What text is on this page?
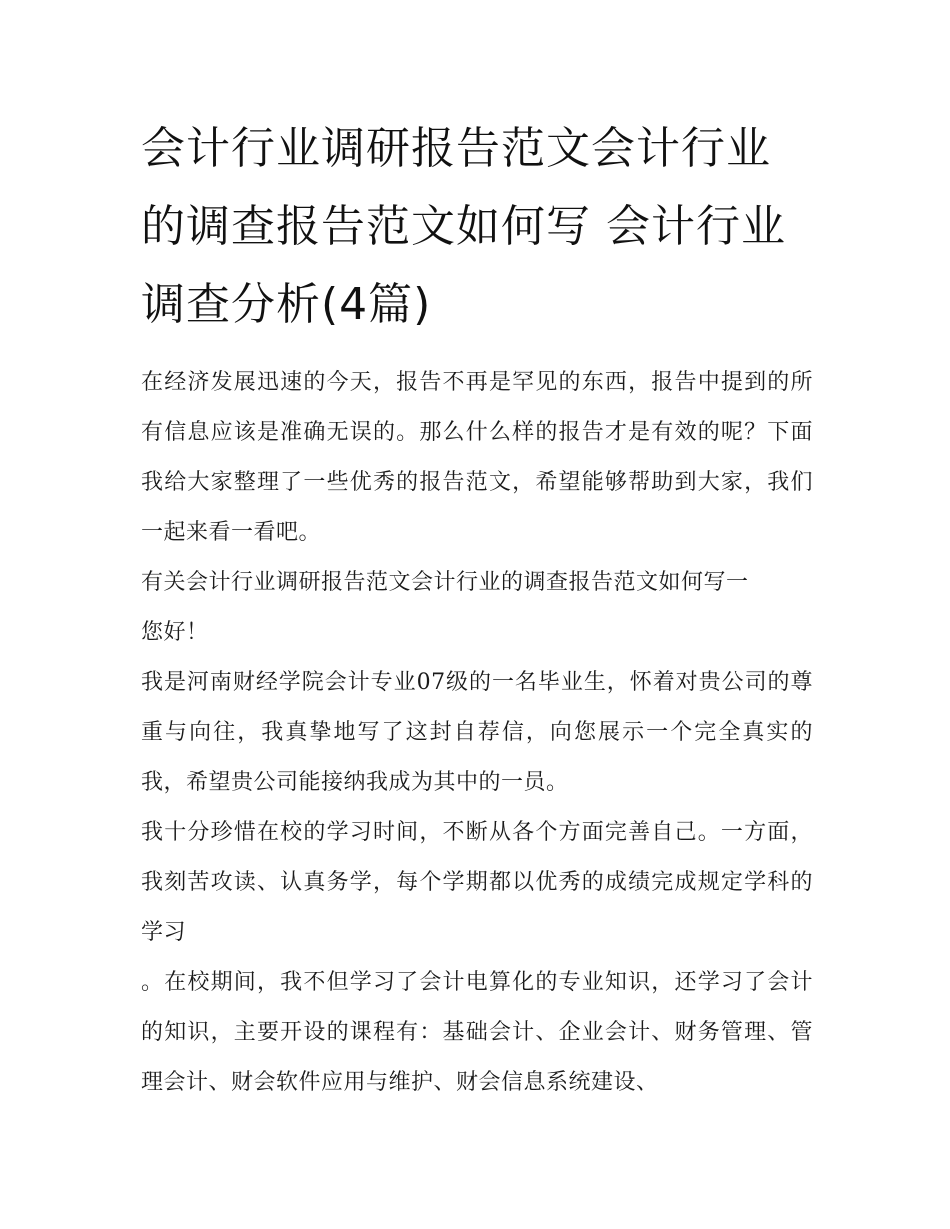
会计行业调研报告范文会计行业的调查报告范文如何写 会计行业调查分析(4篇)

在经济发展迅速的今天，报告不再是罕见的东西，报告中提到的所有信息应该是准确无误的。那么什么样的报告才是有效的呢？下面我给大家整理了一些优秀的报告范文，希望能够帮助到大家，我们一起来看一看吧。

有关会计行业调研报告范文会计行业的调查报告范文如何写一

您好！

我是河南财经学院会计专业07级的一名毕业生，怀着对贵公司的尊重与向往，我真挚地写了这封自荐信，向您展示一个完全真实的我，希望贵公司能接纳我成为其中的一员。

我十分珍惜在校的学习时间，不断从各个方面完善自己。一方面，我刻苦攻读、认真务学，每个学期都以优秀的成绩完成规定学科的学习

。在校期间，我不但学习了会计电算化的专业知识，还学习了会计的知识，主要开设的课程有：基础会计、企业会计、财务管理、管理会计、财会软件应用与维护、财会信息系统建设、
